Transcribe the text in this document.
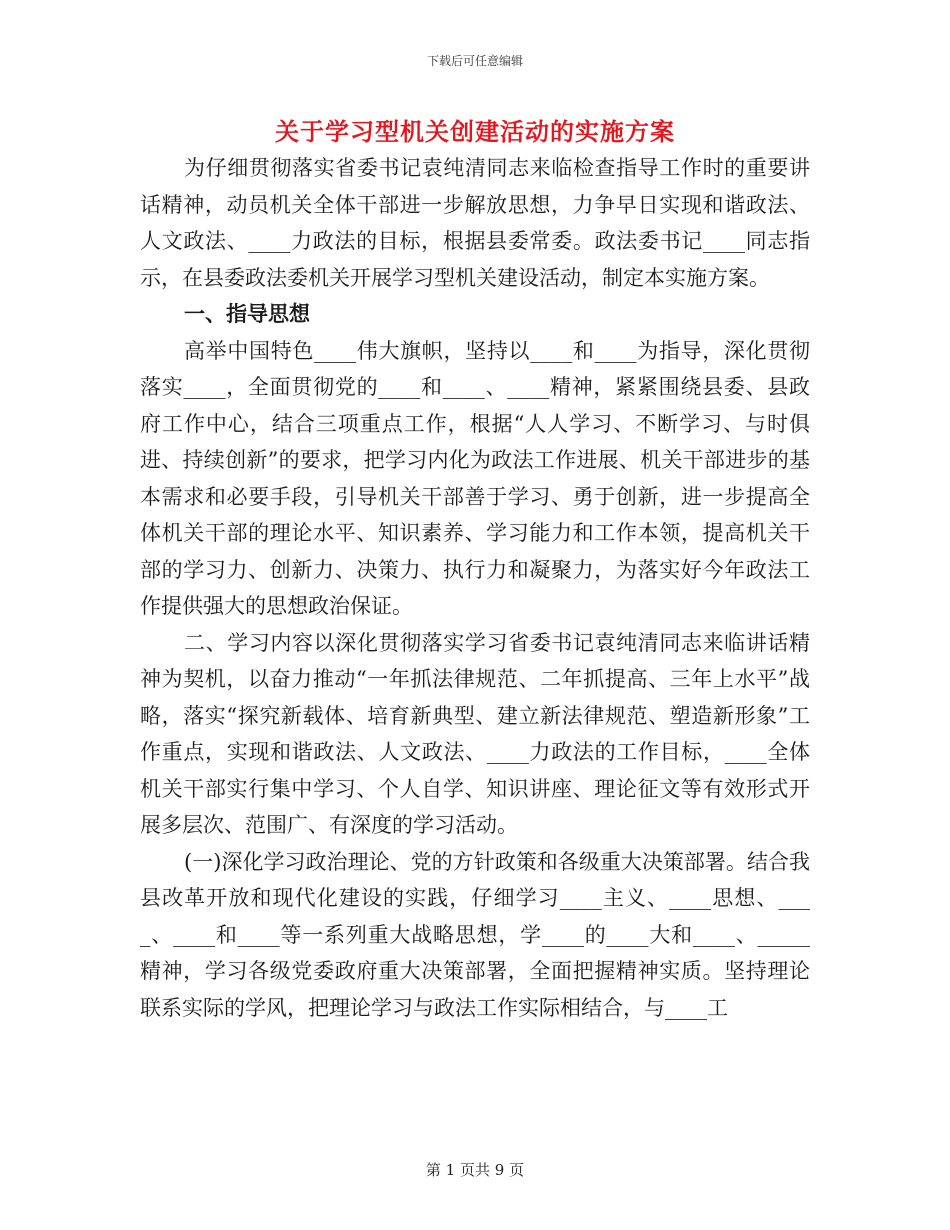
下载后可任意编辑
关于学习型机关创建活动的实施方案

为仔细贯彻落实省委书记袁纯清同志来临检查指导工作时的重要讲话精神，动员机关全体干部进一步解放思想，力争早日实现和谐政法、人文政法、____力政法的目标，根据县委常委。政法委书记____同志指示，在县委政法委机关开展学习型机关建设活动，制定本实施方案。

一、指导思想

高举中国特色____伟大旗帜，坚持以____和____为指导，深化贯彻落实____，全面贯彻党的____和____、____精神，紧紧围绕县委、县政府工作中心，结合三项重点工作，根据“人人学习、不断学习、与时俱进、持续创新”的要求，把学习内化为政法工作进展、机关干部进步的基本需求和必要手段，引导机关干部善于学习、勇于创新，进一步提高全体机关干部的理论水平、知识素养、学习能力和工作本领，提高机关干部的学习力、创新力、决策力、执行力和凝聚力，为落实好今年政法工作提供强大的思想政治保证。

二、学习内容以深化贯彻落实学习省委书记袁纯清同志来临讲话精神为契机，以奋力推动“一年抓法律规范、二年抓提高、三年上水平”战略，落实“探究新载体、培育新典型、建立新法律规范、塑造新形象”工作重点，实现和谐政法、人文政法、____力政法的工作目标，____全体机关干部实行集中学习、个人自学、知识讲座、理论征文等有效形式开展多层次、范围广、有深度的学习活动。

(一)深化学习政治理论、党的方针政策和各级重大决策部署。结合我县改革开放和现代化建设的实践，仔细学习____主义、____思想、____、____和____等一系列重大战略思想，学____的____大和____、_____精神，学习各级党委政府重大决策部署，全面把握精神实质。坚持理论联系实际的学风，把理论学习与政法工作实际相结合，与____工

第 1 页共 9 页
